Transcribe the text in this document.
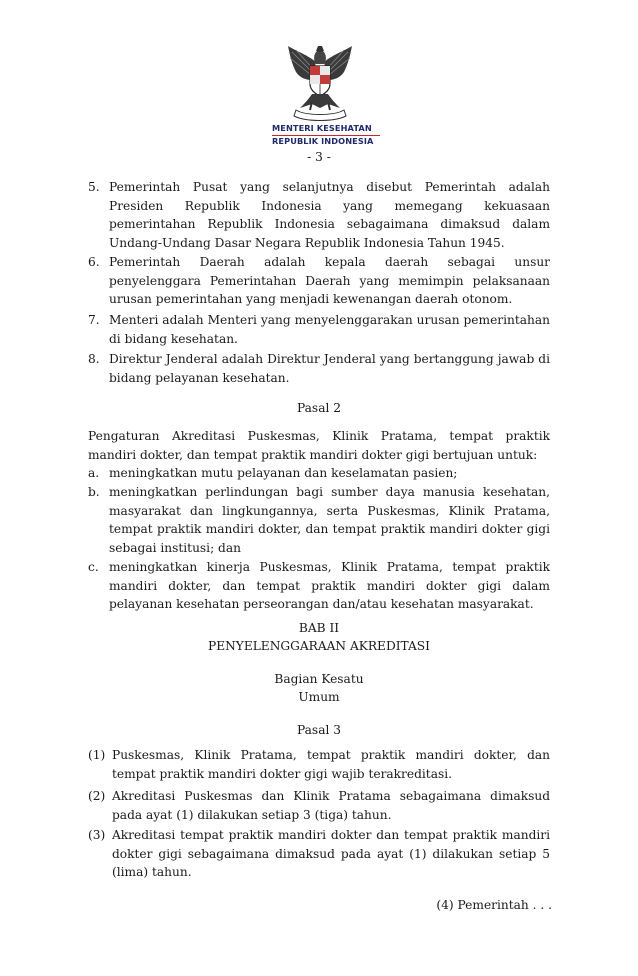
MENTERI KESEHATAN
REPUBLIK INDONESIA
- 3 -
5. Pemerintah Pusat yang selanjutnya disebut Pemerintah adalah Presiden Republik Indonesia yang memegang kekuasaan pemerintahan Republik Indonesia sebagaimana dimaksud dalam Undang-Undang Dasar Negara Republik Indonesia Tahun 1945.
6. Pemerintah Daerah adalah kepala daerah sebagai unsur penyelenggara Pemerintahan Daerah yang memimpin pelaksanaan urusan pemerintahan yang menjadi kewenangan daerah otonom.
7. Menteri adalah Menteri yang menyelenggarakan urusan pemerintahan di bidang kesehatan.
8. Direktur Jenderal adalah Direktur Jenderal yang bertanggung jawab di bidang pelayanan kesehatan.
Pasal 2
Pengaturan Akreditasi Puskesmas, Klinik Pratama, tempat praktik mandiri dokter, dan tempat praktik mandiri dokter gigi bertujuan untuk:
a. meningkatkan mutu pelayanan dan keselamatan pasien;
b. meningkatkan perlindungan bagi sumber daya manusia kesehatan, masyarakat dan lingkungannya, serta Puskesmas, Klinik Pratama, tempat praktik mandiri dokter, dan tempat praktik mandiri dokter gigi sebagai institusi; dan
c. meningkatkan kinerja Puskesmas, Klinik Pratama, tempat praktik mandiri dokter, dan tempat praktik mandiri dokter gigi dalam pelayanan kesehatan perseorangan dan/atau kesehatan masyarakat.
BAB II
PENYELENGGARAAN AKREDITASI
Bagian Kesatu
Umum
Pasal 3
(1) Puskesmas, Klinik Pratama, tempat praktik mandiri dokter, dan tempat praktik mandiri dokter gigi wajib terakreditasi.
(2) Akreditasi Puskesmas dan Klinik Pratama sebagaimana dimaksud pada ayat (1) dilakukan setiap 3 (tiga) tahun.
(3) Akreditasi tempat praktik mandiri dokter dan tempat praktik mandiri dokter gigi sebagaimana dimaksud pada ayat (1) dilakukan setiap 5 (lima) tahun.
(4) Pemerintah . . .
